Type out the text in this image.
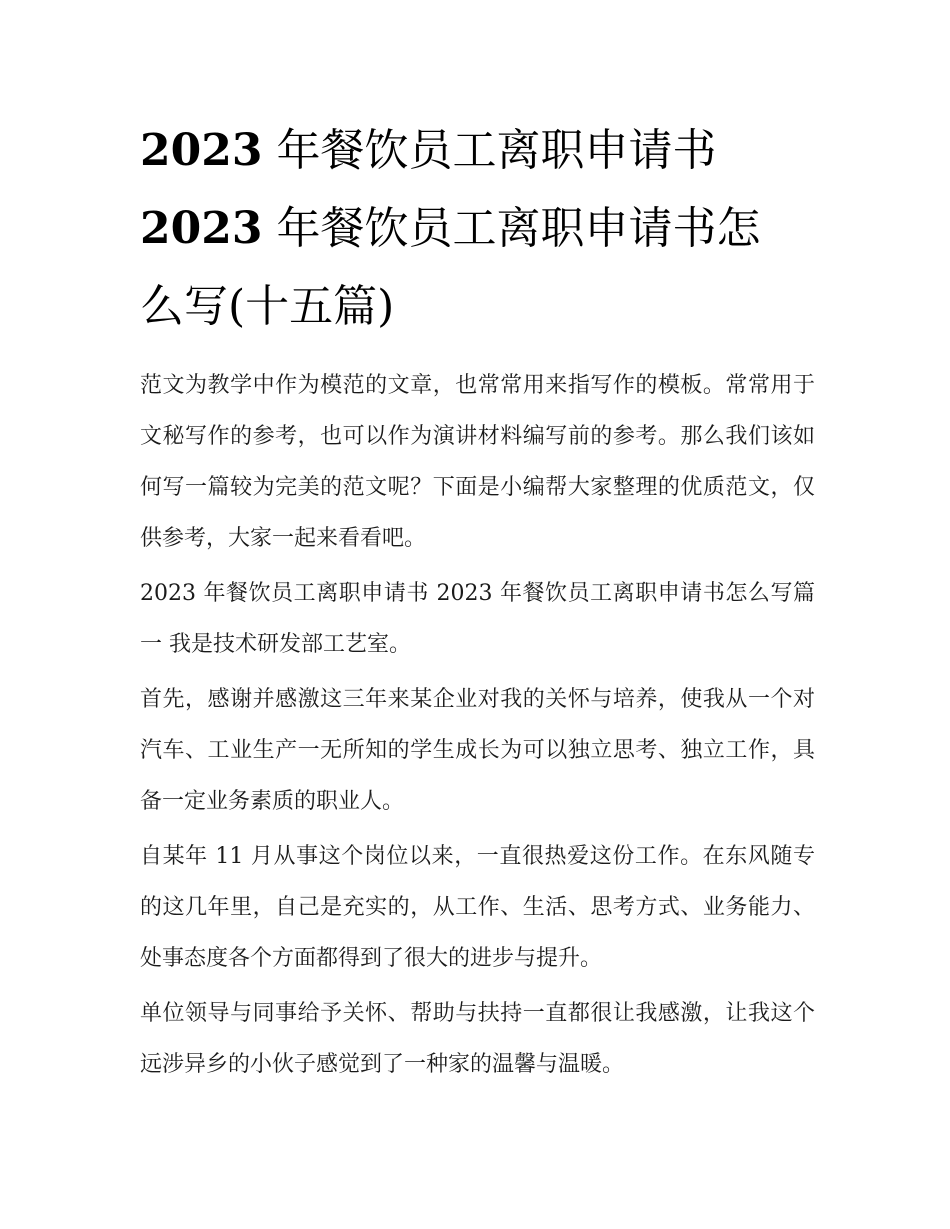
2023 年餐饮员工离职申请书
2023 年餐饮员工离职申请书怎
么写(十五篇)

范文为教学中作为模范的文章，也常常用来指写作的模板。常常用于文秘写作的参考，也可以作为演讲材料编写前的参考。那么我们该如何写一篇较为完美的范文呢？下面是小编帮大家整理的优质范文，仅供参考，大家一起来看看吧。

2023 年餐饮员工离职申请书 2023 年餐饮员工离职申请书怎么写篇一 我是技术研发部工艺室。

首先，感谢并感激这三年来某企业对我的关怀与培养，使我从一个对汽车、工业生产一无所知的学生成长为可以独立思考、独立工作，具备一定业务素质的职业人。

自某年 11 月从事这个岗位以来，一直很热爱这份工作。在东风随专的这几年里，自己是充实的，从工作、生活、思考方式、业务能力、处事态度各个方面都得到了很大的进步与提升。

单位领导与同事给予关怀、帮助与扶持一直都很让我感激，让我这个远涉异乡的小伙子感觉到了一种家的温馨与温暖。
